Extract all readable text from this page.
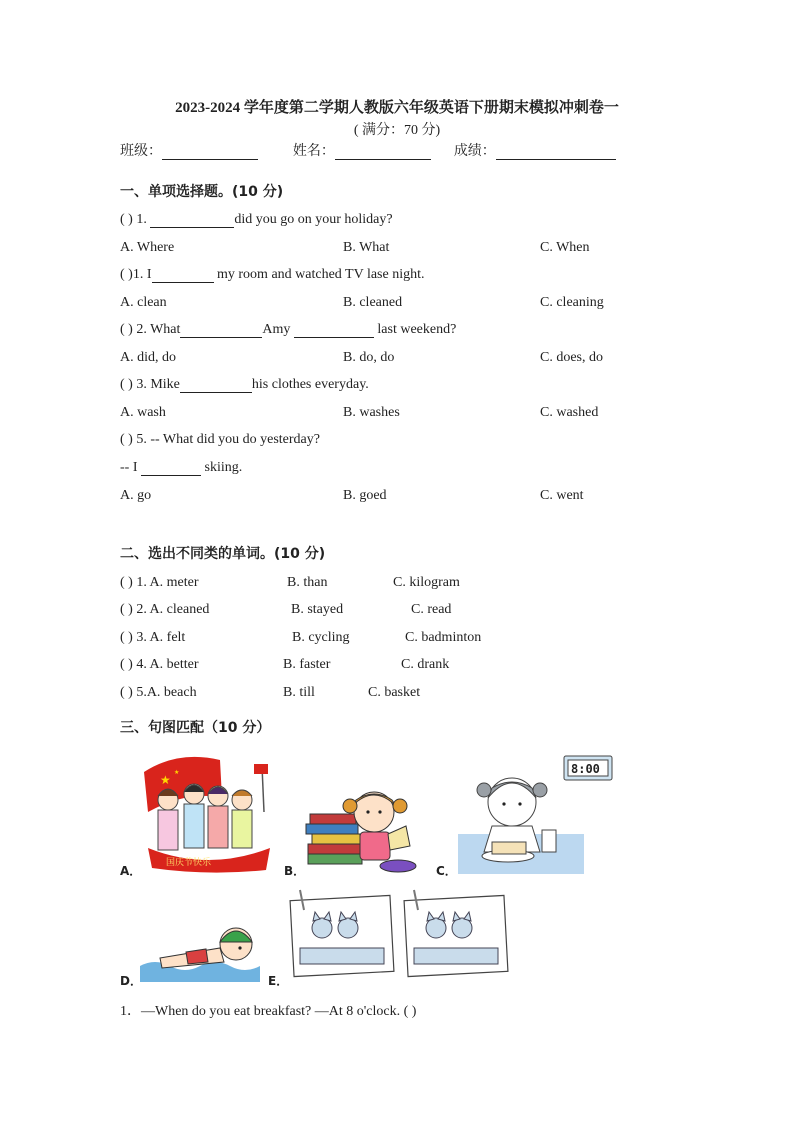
2023-2024 学年度第二学期人教版六年级英语下册期末模拟冲刺卷一
( 满分：70 分)
班级：	姓名：	成绩：
一、单项选择题。(10 分)
( ) 1.	did you go on your holiday?
A. Where	B. What	C. When
( )1. I	my room and watched TV lase night.
A. clean	B. cleaned	C. cleaning
( ) 2. What	Amy	last weekend?
A. did, do	B. do, do	C. does, do
( ) 3. Mike	his clothes everyday.
A. wash	B. washes	C. washed
( ) 5. -- What did you do yesterday?
-- I	skiing.
A. go	B. goed	C. went
二、选出不同类的单词。(10 分)
( ) 1. A. meter	B. than	C. kilogram
( ) 2. A. cleaned	B. stayed	C. read
( ) 3. A. felt	B. cycling	C. badminton
( ) 4. A. better	B. faster	C. drank
( ) 5.A. beach	B. till	C. basket
三、句图匹配（10 分）
★ ★
国庆节快乐
A．	B．
8:00
C．
D．	E．
1．—When do you eat breakfast? —At 8 o'clock. ( )
